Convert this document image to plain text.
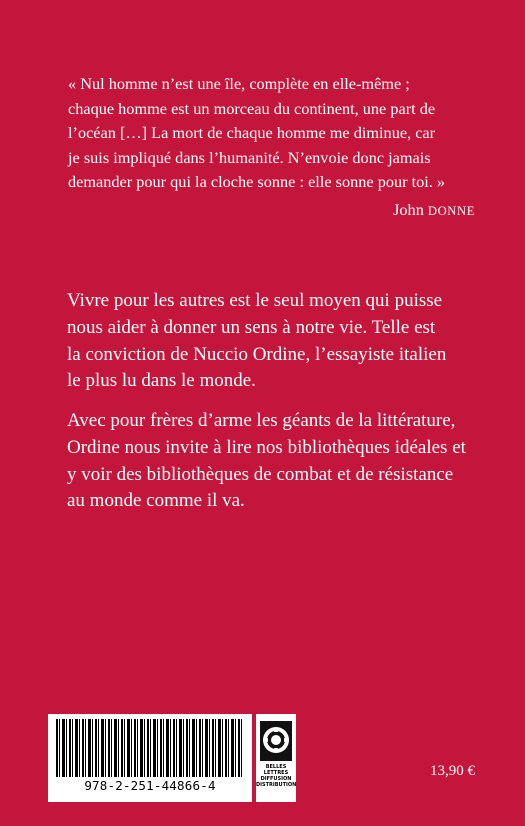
« Nul homme n’est une île, complète en elle-même ;
chaque homme est un morceau du continent, une part de
l’océan […] La mort de chaque homme me diminue, car
je suis impliqué dans l’humanité. N’envoie donc jamais
demander pour qui la cloche sonne : elle sonne pour toi. »
John DONNE
Vivre pour les autres est le seul moyen qui puisse
nous aider à donner un sens à notre vie. Telle est
la conviction de Nuccio Ordine, l’essayiste italien
le plus lu dans le monde.
Avec pour frères d’arme les géants de la littérature,
Ordine nous invite à lire nos bibliothèques idéales et
y voir des bibliothèques de combat et de résistance
au monde comme il va.
978-2-251-44866-4
BELLES LETTRES
DIFFUSION
DISTRIBUTION
13,90 €
